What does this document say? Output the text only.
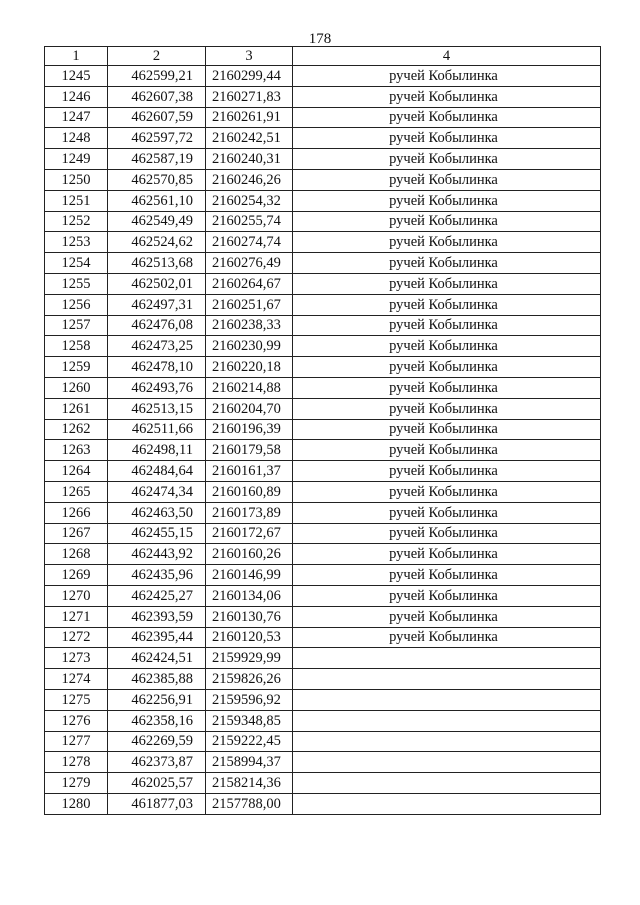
178
1	2	3	4
1245	462599,21	2160299,44	ручей Кобылинка
1246	462607,38	2160271,83	ручей Кобылинка
1247	462607,59	2160261,91	ручей Кобылинка
1248	462597,72	2160242,51	ручей Кобылинка
1249	462587,19	2160240,31	ручей Кобылинка
1250	462570,85	2160246,26	ручей Кобылинка
1251	462561,10	2160254,32	ручей Кобылинка
1252	462549,49	2160255,74	ручей Кобылинка
1253	462524,62	2160274,74	ручей Кобылинка
1254	462513,68	2160276,49	ручей Кобылинка
1255	462502,01	2160264,67	ручей Кобылинка
1256	462497,31	2160251,67	ручей Кобылинка
1257	462476,08	2160238,33	ручей Кобылинка
1258	462473,25	2160230,99	ручей Кобылинка
1259	462478,10	2160220,18	ручей Кобылинка
1260	462493,76	2160214,88	ручей Кобылинка
1261	462513,15	2160204,70	ручей Кобылинка
1262	462511,66	2160196,39	ручей Кобылинка
1263	462498,11	2160179,58	ручей Кобылинка
1264	462484,64	2160161,37	ручей Кобылинка
1265	462474,34	2160160,89	ручей Кобылинка
1266	462463,50	2160173,89	ручей Кобылинка
1267	462455,15	2160172,67	ручей Кобылинка
1268	462443,92	2160160,26	ручей Кобылинка
1269	462435,96	2160146,99	ручей Кобылинка
1270	462425,27	2160134,06	ручей Кобылинка
1271	462393,59	2160130,76	ручей Кобылинка
1272	462395,44	2160120,53	ручей Кобылинка
1273	462424,51	2159929,99	
1274	462385,88	2159826,26	
1275	462256,91	2159596,92	
1276	462358,16	2159348,85	
1277	462269,59	2159222,45	
1278	462373,87	2158994,37	
1279	462025,57	2158214,36	
1280	461877,03	2157788,00	
